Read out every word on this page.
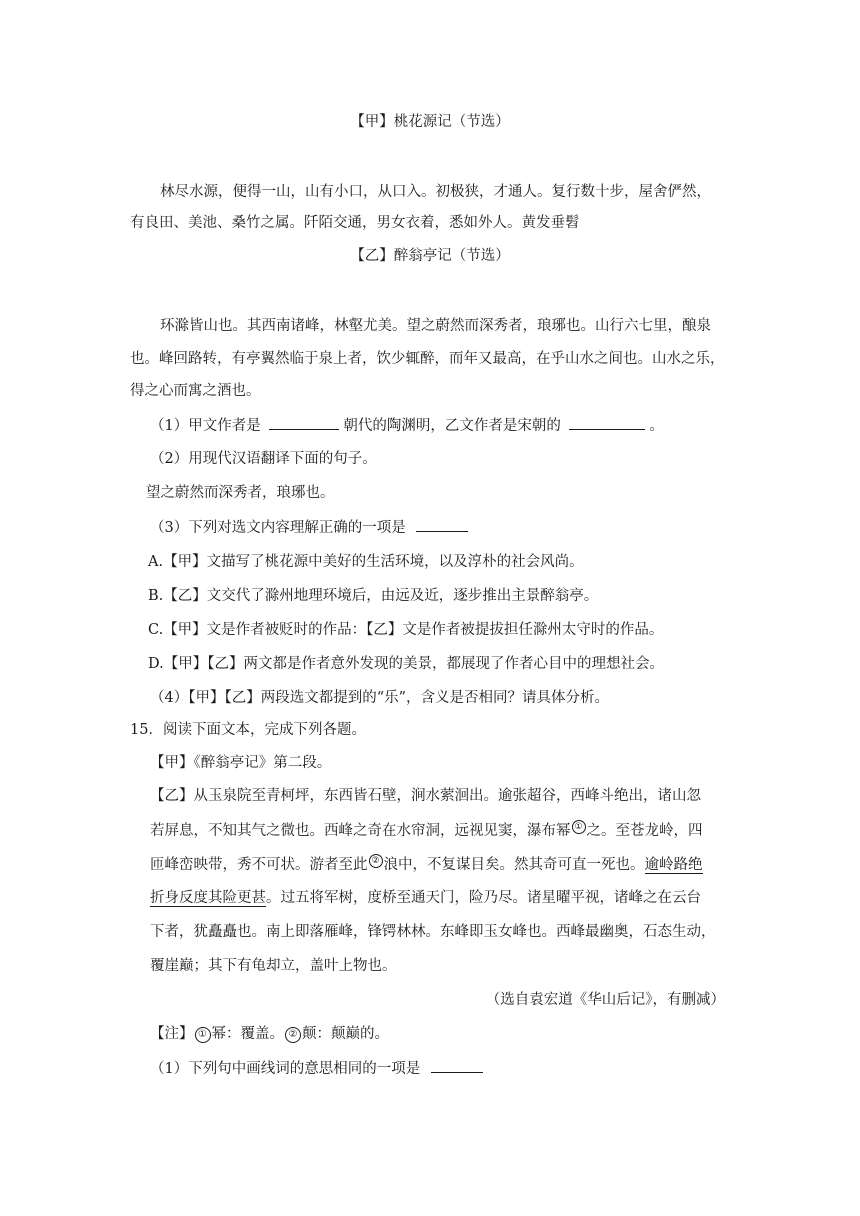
【甲】桃花源记（节选）
林尽水源，便得一山，山有小口，从口入。初极狭，才通人。复行数十步，屋舍俨然，
有良田、美池、桑竹之属。阡陌交通，男女衣着，悉如外人。黄发垂髫
【乙】醉翁亭记（节选）
环滁皆山也。其西南诸峰，林壑尤美。望之蔚然而深秀者，琅琊也。山行六七里，酿泉
也。峰回路转，有亭翼然临于泉上者，饮少辄醉，而年又最高，在乎山水之间也。山水之乐，
得之心而寓之酒也。
（1）甲文作者是	朝代的陶渊明，乙文作者是宋朝的	。
（2）用现代汉语翻译下面的句子。
望之蔚然而深秀者，琅琊也。
（3）下列对选文内容理解正确的一项是
A.【甲】文描写了桃花源中美好的生活环境，以及淳朴的社会风尚。
B.【乙】文交代了滁州地理环境后，由远及近，逐步推出主景醉翁亭。
C.【甲】文是作者被贬时的作品：【乙】文是作者被提拔担任滁州太守时的作品。
D.【甲】【乙】两文都是作者意外发现的美景，都展现了作者心目中的理想社会。
（4）【甲】【乙】两段选文都提到的“乐”，含义是否相同？请具体分析。
15．阅读下面文本，完成下列各题。
【甲】《醉翁亭记》第二段。
【乙】从玉泉院至青柯坪，东西皆石壁，涧水萦洄出。逾张超谷，西峰斗绝出，诸山忽
若屏息，不知其气之微也。西峰之奇在水帘洞，远视见窦，瀑布幂 ① 之。至苍龙岭，四
匝峰峦映带，秀不可状。游者至此 ② 浪中，不复谋目矣。然其奇可直一死也。逾岭路绝
折身反度其险更甚。过五将军树，度桥至通天门，险乃尽。诸星曜平视，诸峰之在云台
下者，犹矗矗也。南上即落雁峰，锋锷林林。东峰即玉女峰也。西峰最幽奥，石态生动，
覆崖巅；其下有龟却立，盖叶上物也。
（选自袁宏道《华山后记》，有删减）
【注】 ① 幂：覆盖。 ② 颠：颠巅的。
（1）下列句中画线词的意思相同的一项是
